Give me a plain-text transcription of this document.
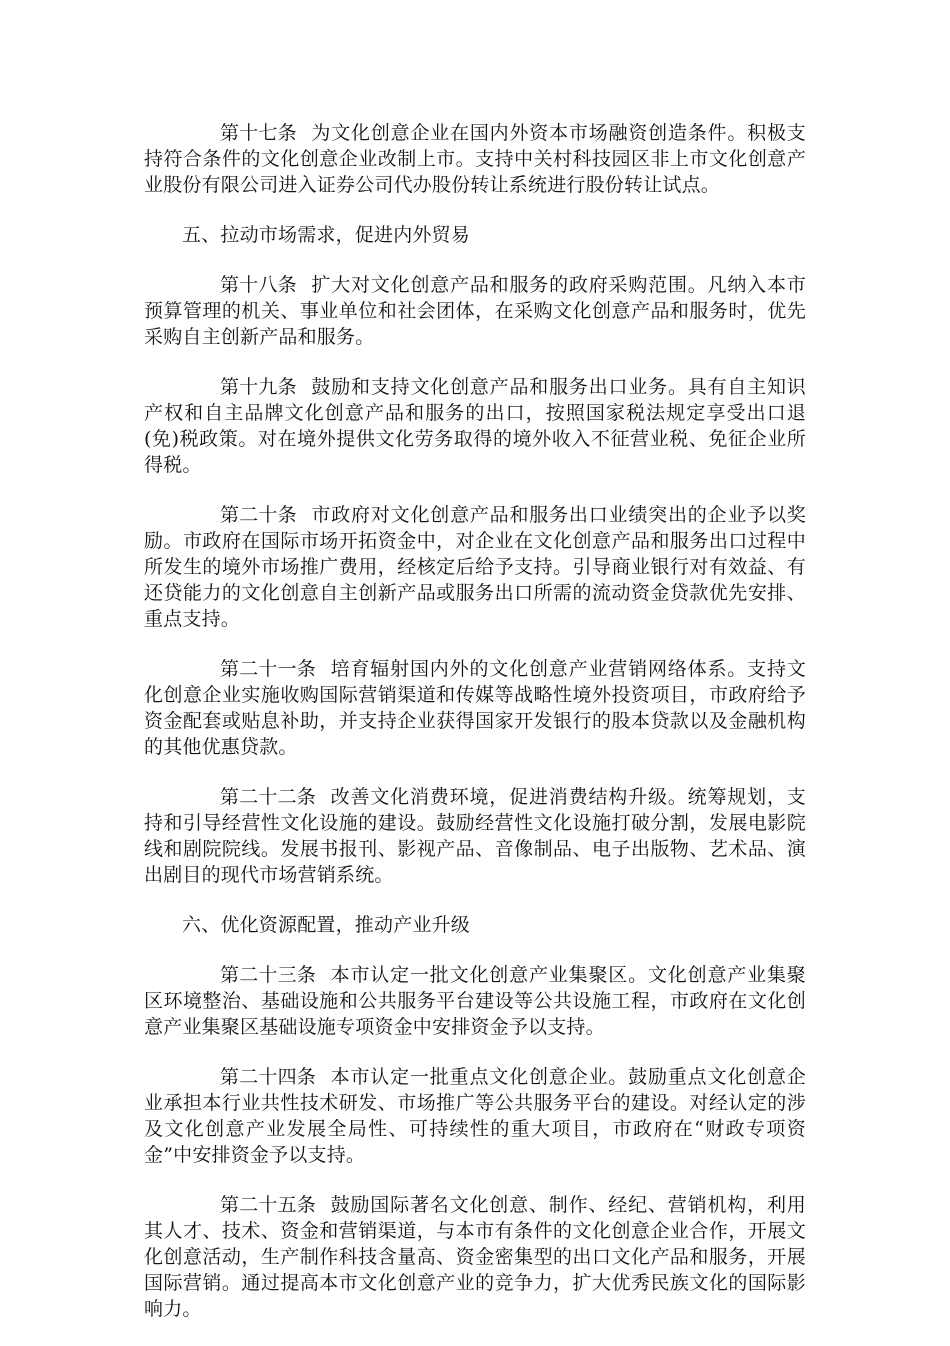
第十七条 为文化创意企业在国内外资本市场融资创造条件。积极支持符合条件的文化创意企业改制上市。支持中关村科技园区非上市文化创意产业股份有限公司进入证券公司代办股份转让系统进行股份转让试点。

五、拉动市场需求，促进内外贸易

第十八条 扩大对文化创意产品和服务的政府采购范围。凡纳入本市预算管理的机关、事业单位和社会团体，在采购文化创意产品和服务时，优先采购自主创新产品和服务。

第十九条 鼓励和支持文化创意产品和服务出口业务。具有自主知识产权和自主品牌文化创意产品和服务的出口，按照国家税法规定享受出口退(免)税政策。对在境外提供文化劳务取得的境外收入不征营业税、免征企业所得税。

第二十条 市政府对文化创意产品和服务出口业绩突出的企业予以奖励。市政府在国际市场开拓资金中，对企业在文化创意产品和服务出口过程中所发生的境外市场推广费用，经核定后给予支持。引导商业银行对有效益、有还贷能力的文化创意自主创新产品或服务出口所需的流动资金贷款优先安排、重点支持。

第二十一条 培育辐射国内外的文化创意产业营销网络体系。支持文化创意企业实施收购国际营销渠道和传媒等战略性境外投资项目，市政府给予资金配套或贴息补助，并支持企业获得国家开发银行的股本贷款以及金融机构的其他优惠贷款。

第二十二条 改善文化消费环境，促进消费结构升级。统筹规划，支持和引导经营性文化设施的建设。鼓励经营性文化设施打破分割，发展电影院线和剧院院线。发展书报刊、影视产品、音像制品、电子出版物、艺术品、演出剧目的现代市场营销系统。

六、优化资源配置，推动产业升级

第二十三条 本市认定一批文化创意产业集聚区。文化创意产业集聚区环境整治、基础设施和公共服务平台建设等公共设施工程，市政府在文化创意产业集聚区基础设施专项资金中安排资金予以支持。

第二十四条 本市认定一批重点文化创意企业。鼓励重点文化创意企业承担本行业共性技术研发、市场推广等公共服务平台的建设。对经认定的涉及文化创意产业发展全局性、可持续性的重大项目，市政府在“财政专项资金”中安排资金予以支持。

第二十五条 鼓励国际著名文化创意、制作、经纪、营销机构，利用其人才、技术、资金和营销渠道，与本市有条件的文化创意企业合作，开展文化创意活动，生产制作科技含量高、资金密集型的出口文化产品和服务，开展国际营销。通过提高本市文化创意产业的竞争力，扩大优秀民族文化的国际影响力。
